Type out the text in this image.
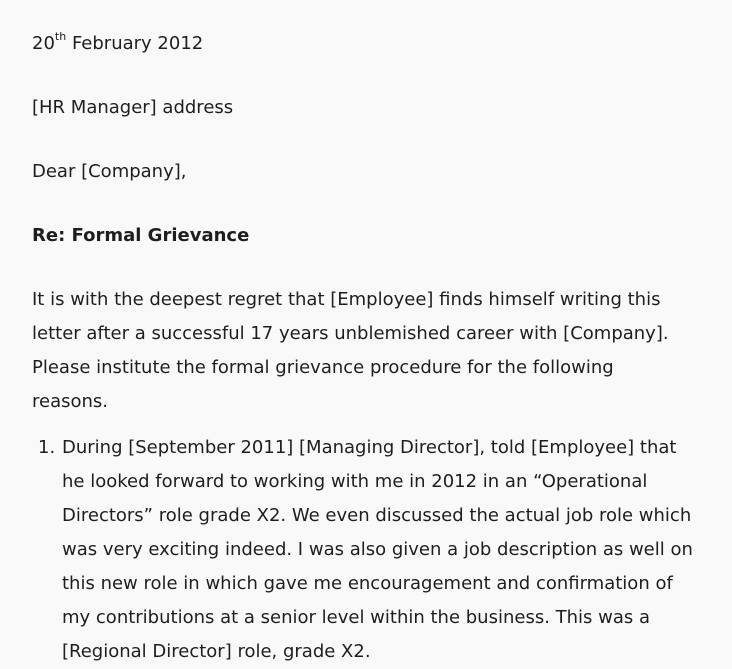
20th February 2012

[HR Manager] address

Dear [Company],

Re: Formal Grievance

It is with the deepest regret that [Employee] finds himself writing this letter after a successful 17 years unblemished career with [Company]. Please institute the formal grievance procedure for the following reasons.

1. During [September 2011] [Managing Director], told [Employee] that he looked forward to working with me in 2012 in an “Operational Directors” role grade X2. We even discussed the actual job role which was very exciting indeed. I was also given a job description as well on this new role in which gave me encouragement and confirmation of my contributions at a senior level within the business. This was a [Regional Director] role, grade X2.
